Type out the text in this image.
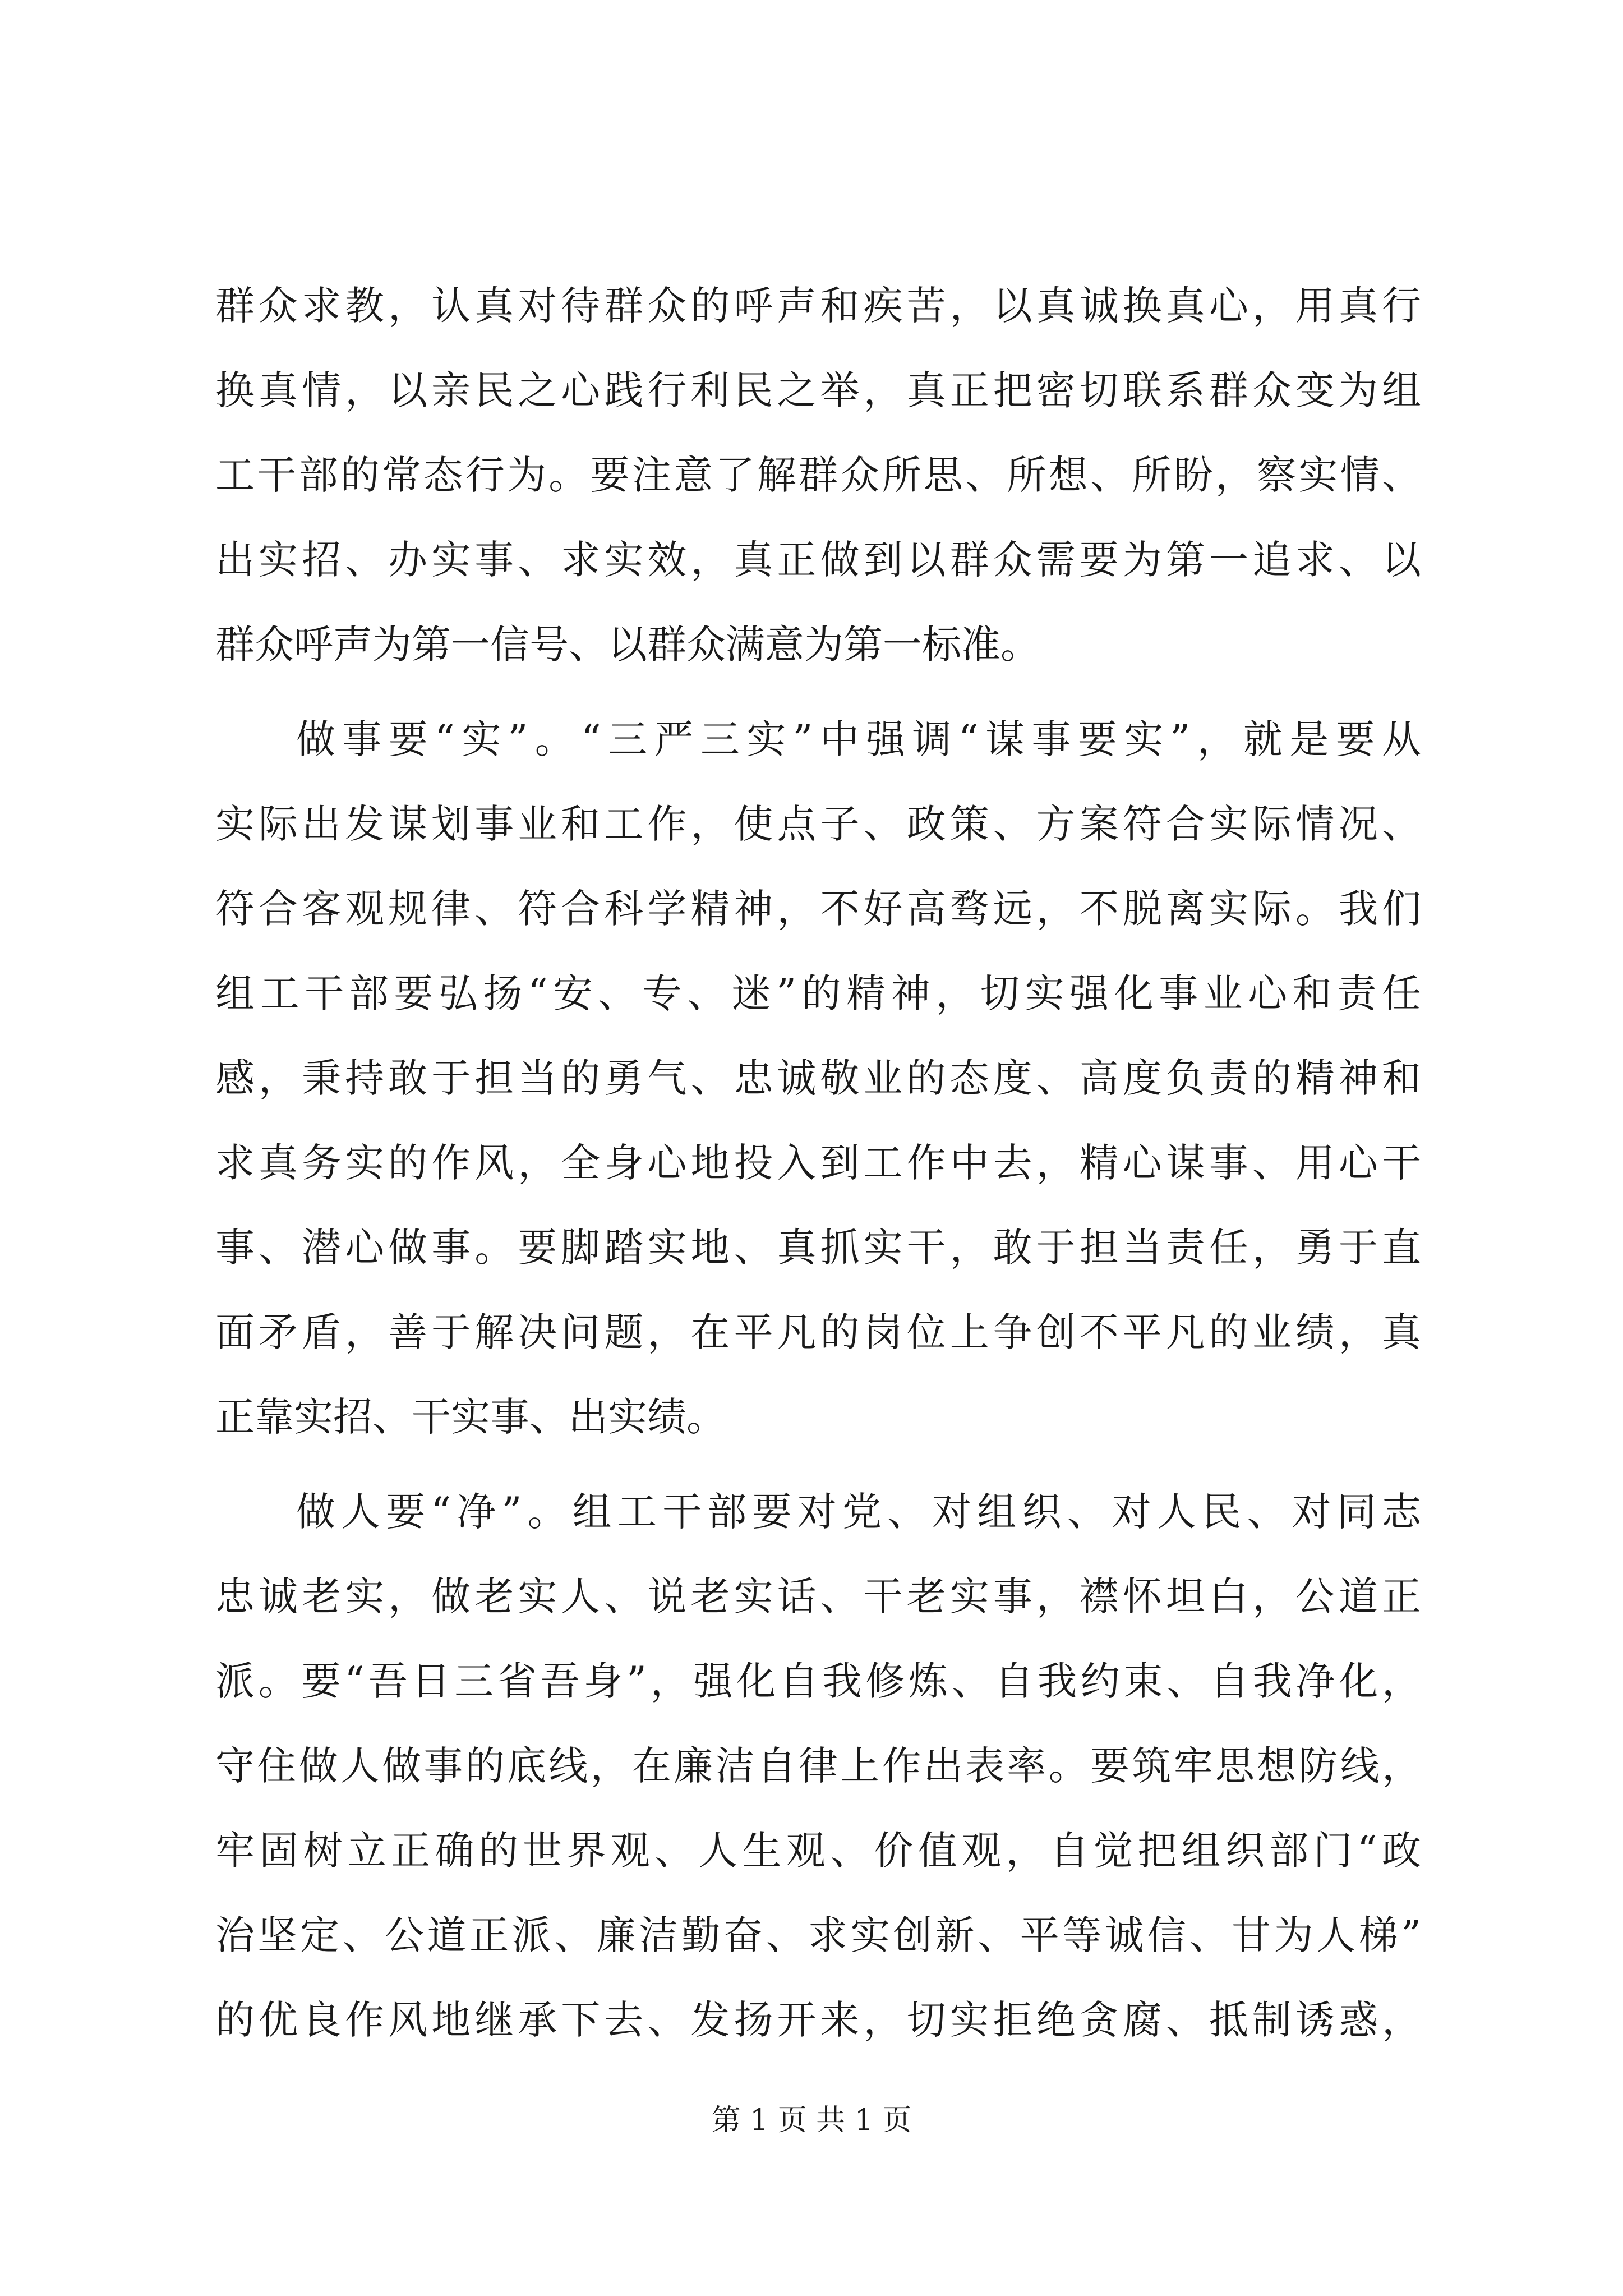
群众求教，认真对待群众的呼声和疾苦，以真诚换真心，用真行
换真情，以亲民之心践行利民之举，真正把密切联系群众变为组
工干部的常态行为。要注意了解群众所思、所想、所盼，察实情、
出实招、办实事、求实效，真正做到以群众需要为第一追求、以
群众呼声为第一信号、以群众满意为第一标准。
做事要“实”。“三严三实”中强调“谋事要实”，就是要从
实际出发谋划事业和工作，使点子、政策、方案符合实际情况、
符合客观规律、符合科学精神，不好高骛远，不脱离实际。我们
组工干部要弘扬“安、专、迷”的精神，切实强化事业心和责任
感，秉持敢于担当的勇气、忠诚敬业的态度、高度负责的精神和
求真务实的作风，全身心地投入到工作中去，精心谋事、用心干
事、潜心做事。要脚踏实地、真抓实干，敢于担当责任，勇于直
面矛盾，善于解决问题，在平凡的岗位上争创不平凡的业绩，真
正靠实招、干实事、出实绩。
做人要“净”。组工干部要对党、对组织、对人民、对同志
忠诚老实，做老实人、说老实话、干老实事，襟怀坦白，公道正
派。要“吾日三省吾身”，强化自我修炼、自我约束、自我净化，
守住做人做事的底线，在廉洁自律上作出表率。要筑牢思想防线，
牢固树立正确的世界观、人生观、价值观，自觉把组织部门“政
治坚定、公道正派、廉洁勤奋、求实创新、平等诚信、甘为人梯”
的优良作风地继承下去、发扬开来，切实拒绝贪腐、抵制诱惑，
第 1 页 共 1 页
